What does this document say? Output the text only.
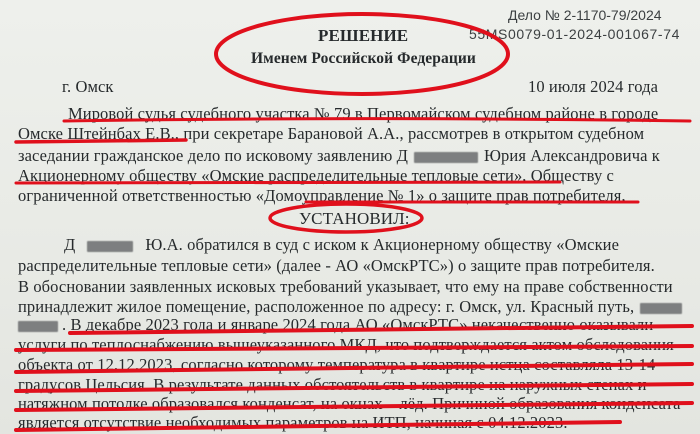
Дело № 2-1170-79/2024
55MS0079-01-2024-001067-74
РЕШЕНИЕ
Именем Российской Федерации
г. Омск	10 июля 2024 года
Мировой судья судебного участка № 79 в Первомайском судебном районе в городе
Омске Штейнбах Е.В., при секретаре Барановой А.А., рассмотрев в открытом судебном
заседании гражданское дело по исковому заявлению Д	Юрия Александровича к
Акционерному обществу «Омские распределительные тепловые сети», Обществу с
ограниченной ответственностью «Домоуправление № 1» о защите прав потребителя,
УСТАНОВИЛ:
Д	Ю.А. обратился в суд с иском к Акционерному обществу «Омские
распределительные тепловые сети» (далее - АО «ОмскРТС») о защите прав потребителя.
В обосновании заявленных исковых требований указывает, что ему на праве собственности
принадлежит жилое помещение, расположенное по адресу: г. Омск, ул. Красный путь,
. В декабре 2023 года и январе 2024 года АО «ОмскРТС» некачественно оказывали
услуги по теплоснабжению вышеуказанного МКД, что подтверждается актом обследования
объекта от 12.12.2023, согласно которому температура в квартире истца составляла 13-14
градусов Цельсия. В результате данных обстоятельств в квартире на наружных стенах и
натяжном потолке образовался конденсат, на окнах – лёд. Причиной образования конденсата
является отсутствие необходимых параметров на ИТП, начиная с 04.12.2023.
